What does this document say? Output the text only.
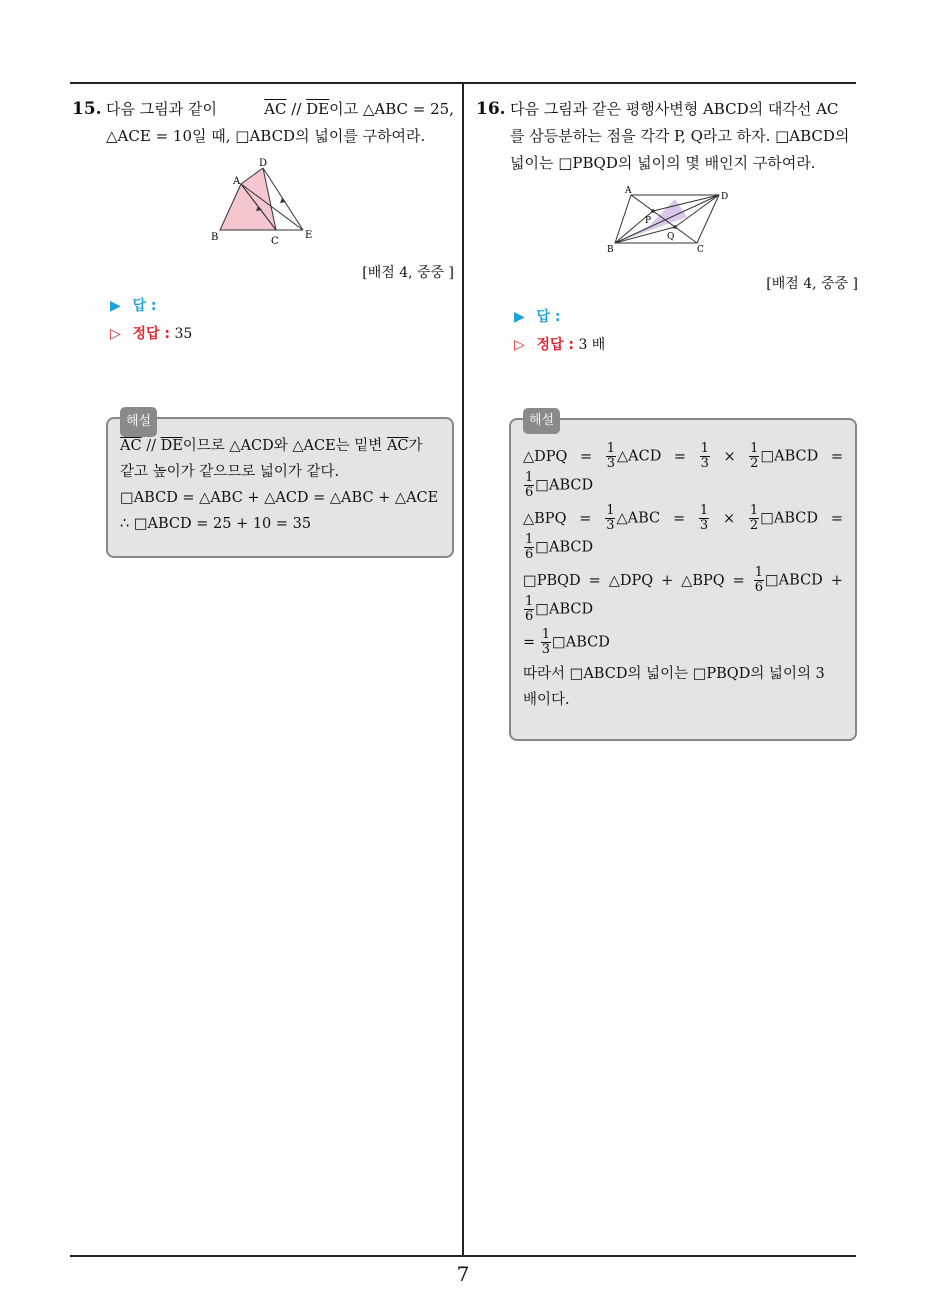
15. 다음 그림과 같이	$\overline{AC} // \overline{DE}$이고 △ABC = 25,
△ACE = 10일 때, □ABCD의 넓이를 구하여라.
D
A
B	C
E
[배점 4, 중중 ]
▶ 답 :
▷ 정답 : 35
해설
$\overline{AC} // \overline{DE}$이므로 △ACD와 △ACE는 밑변 $\overline{AC}$가
같고 높이가 같으므로 넓이가 같다.
□ABCD = △ABC + △ACD = △ABC + △ACE
∴ □ABCD = 25 + 10 = 35
16. 다음 그림과 같은 평행사변형 ABCD의 대각선 AC
를 삼등분하는 점을 각각 P, Q라고 하자. □ABCD의
넓이는 □PBQD의 넓이의 몇 배인지 구하여라.
A
D
P
Q
B	C
[배점 4, 중중 ]
▶ 답 :
▷ 정답 : 3 배
해설
△DPQ = $\frac{1}{3}$ △ACD = $\frac{1}{3} \times \frac{1}{2}$ □ABCD =
$\frac{1}{6}$ □ABCD
△BPQ = $\frac{1}{3}$ △ABC = $\frac{1}{3} \times \frac{1}{2}$ □ABCD =
$\frac{1}{6}$ □ABCD
□PBQD = △DPQ + △BPQ = $\frac{1}{6}$ □ABCD +
$\frac{1}{6}$ □ABCD
= $\frac{1}{3}$ □ABCD
따라서 □ABCD의 넓이는 □PBQD의 넓이의 3
배이다.
7
